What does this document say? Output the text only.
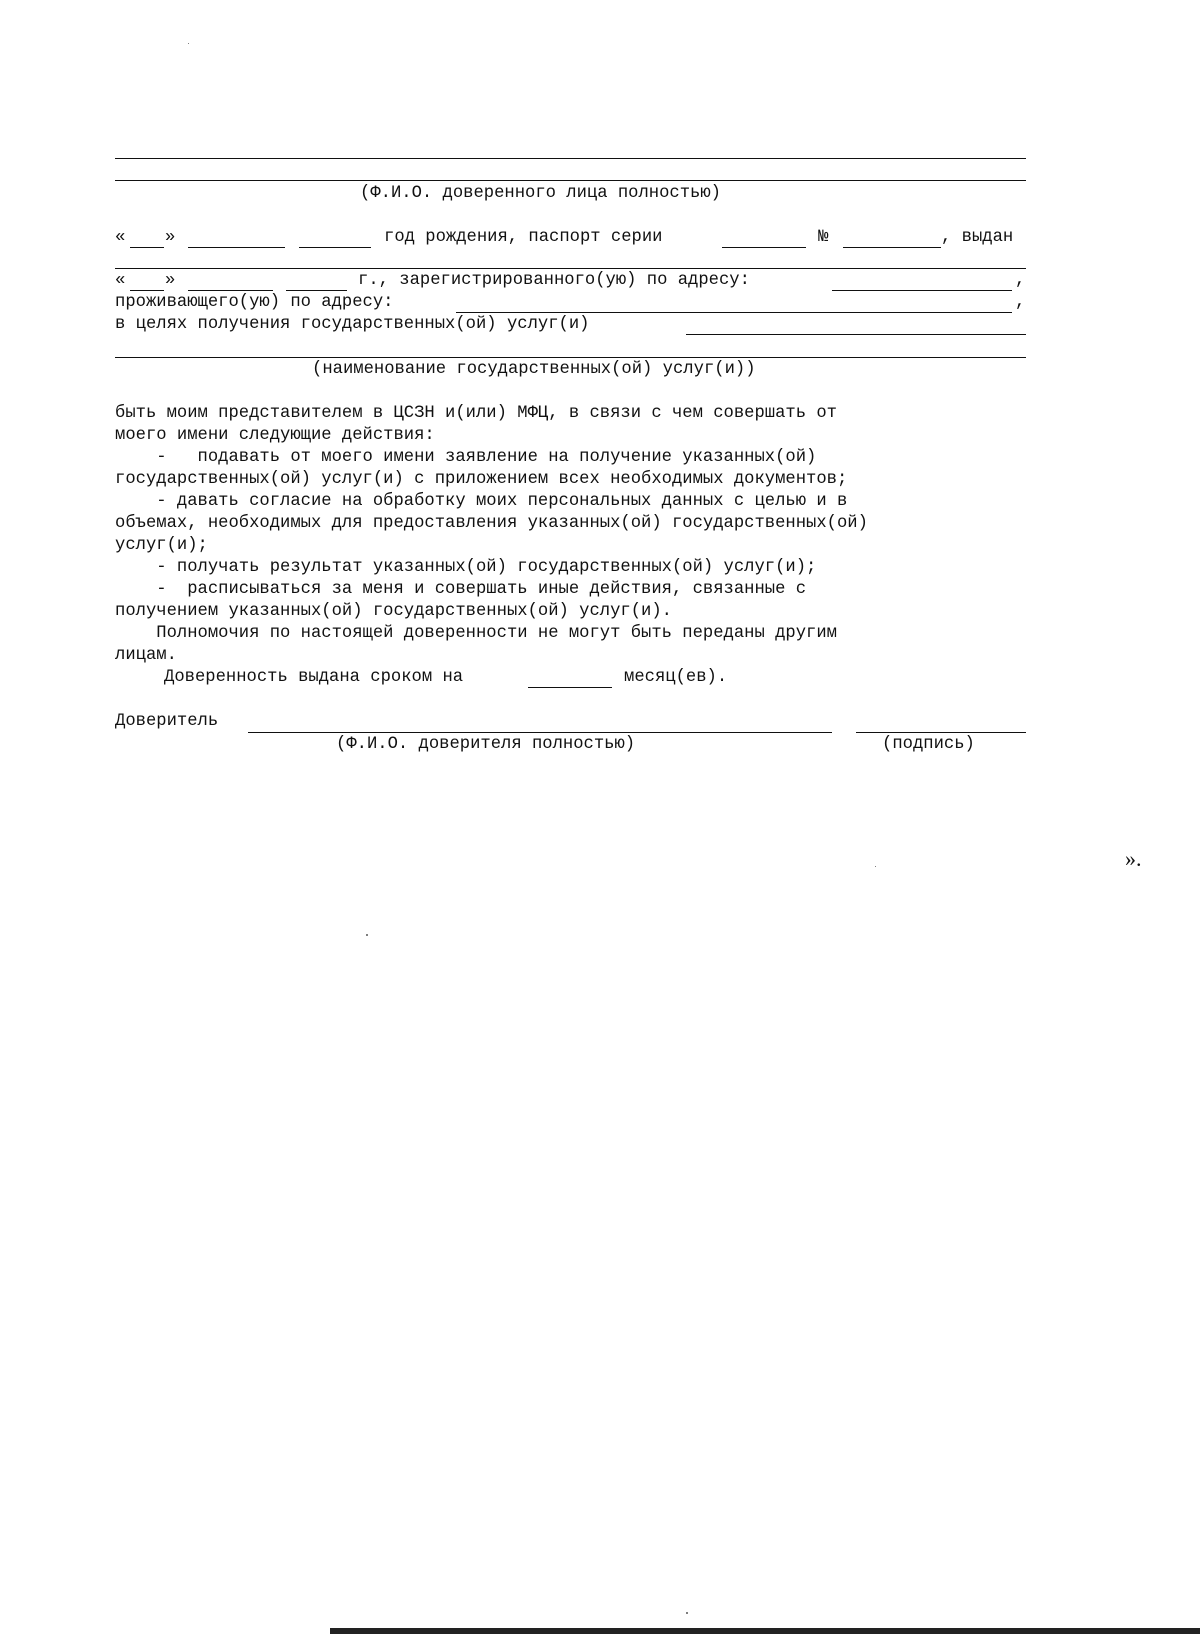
(Ф.И.О. доверенного лица полностью)
« »	год рождения, паспорт серии	№	, выдан
« »	г., зарегистрированного(ую) по адресу:	,
проживающего(ую) по адресу:	,
в целях получения государственных(ой) услуг(и)
(наименование государственных(ой) услуг(и))
быть моим представителем в ЦСЗН и(или) МФЦ, в связи с чем совершать от
моего имени следующие действия:
-   подавать от моего имени заявление на получение указанных(ой)
государственных(ой) услуг(и) с приложением всех необходимых документов;
- давать согласие на обработку моих персональных данных с целью и в
объемах, необходимых для предоставления указанных(ой) государственных(ой)
услуг(и);
- получать результат указанных(ой) государственных(ой) услуг(и);
-  расписываться за меня и совершать иные действия, связанные с
получением указанных(ой) государственных(ой) услуг(и).
Полномочия по настоящей доверенности не могут быть переданы другим
лицам.
Доверенность выдана сроком на	месяц(ев).
Доверитель
(Ф.И.О. доверителя полностью)	(подпись)
».
